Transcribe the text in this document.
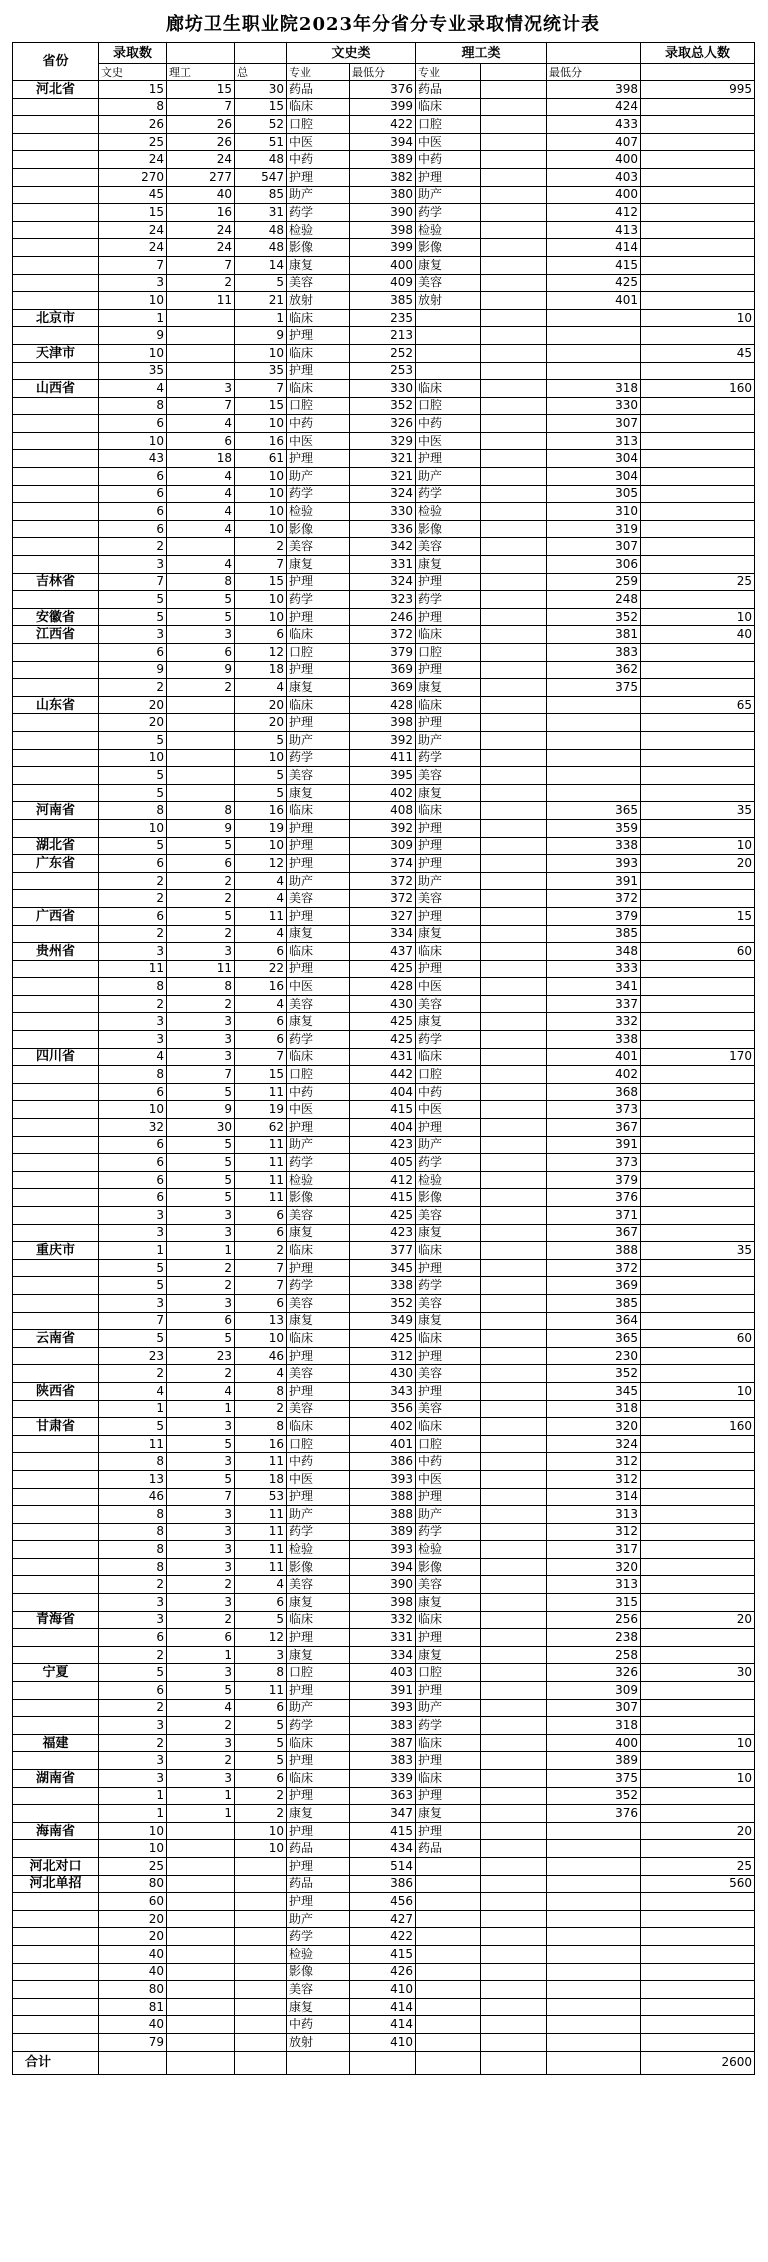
廊坊卫生职业院2023年分省分专业录取情况统计表
省份	录取数			文史类		理工类			录取总人数
	文史	理工	总	专业	最低分	专业		最低分	
河北省	15	15	30	药品	376	药品		398	995
	8	7	15	临床	399	临床		424	
	26	26	52	口腔	422	口腔		433	
	25	26	51	中医	394	中医		407	
	24	24	48	中药	389	中药		400	
	270	277	547	护理	382	护理		403	
	45	40	85	助产	380	助产		400	
	15	16	31	药学	390	药学		412	
	24	24	48	检验	398	检验		413	
	24	24	48	影像	399	影像		414	
	7	7	14	康复	400	康复		415	
	3	2	5	美容	409	美容		425	
	10	11	21	放射	385	放射		401	
北京市	1		1	临床	235				10
	9		9	护理	213				
天津市	10		10	临床	252				45
	35		35	护理	253				
山西省	4	3	7	临床	330	临床		318	160
	8	7	15	口腔	352	口腔		330	
	6	4	10	中药	326	中药		307	
	10	6	16	中医	329	中医		313	
	43	18	61	护理	321	护理		304	
	6	4	10	助产	321	助产		304	
	6	4	10	药学	324	药学		305	
	6	4	10	检验	330	检验		310	
	6	4	10	影像	336	影像		319	
	2		2	美容	342	美容		307	
	3	4	7	康复	331	康复		306	
吉林省	7	8	15	护理	324	护理		259	25
	5	5	10	药学	323	药学		248	
安徽省	5	5	10	护理	246	护理		352	10
江西省	3	3	6	临床	372	临床		381	40
	6	6	12	口腔	379	口腔		383	
	9	9	18	护理	369	护理		362	
	2	2	4	康复	369	康复		375	
山东省	20		20	临床	428	临床			65
	20		20	护理	398	护理			
	5		5	助产	392	助产			
	10		10	药学	411	药学			
	5		5	美容	395	美容			
	5		5	康复	402	康复			
河南省	8	8	16	临床	408	临床		365	35
	10	9	19	护理	392	护理		359	
湖北省	5	5	10	护理	309	护理		338	10
广东省	6	6	12	护理	374	护理		393	20
	2	2	4	助产	372	助产		391	
	2	2	4	美容	372	美容		372	
广西省	6	5	11	护理	327	护理		379	15
	2	2	4	康复	334	康复		385	
贵州省	3	3	6	临床	437	临床		348	60
	11	11	22	护理	425	护理		333	
	8	8	16	中医	428	中医		341	
	2	2	4	美容	430	美容		337	
	3	3	6	康复	425	康复		332	
	3	3	6	药学	425	药学		338	
四川省	4	3	7	临床	431	临床		401	170
	8	7	15	口腔	442	口腔		402	
	6	5	11	中药	404	中药		368	
	10	9	19	中医	415	中医		373	
	32	30	62	护理	404	护理		367	
	6	5	11	助产	423	助产		391	
	6	5	11	药学	405	药学		373	
	6	5	11	检验	412	检验		379	
	6	5	11	影像	415	影像		376	
	3	3	6	美容	425	美容		371	
	3	3	6	康复	423	康复		367	
重庆市	1	1	2	临床	377	临床		388	35
	5	2	7	护理	345	护理		372	
	5	2	7	药学	338	药学		369	
	3	3	6	美容	352	美容		385	
	7	6	13	康复	349	康复		364	
云南省	5	5	10	临床	425	临床		365	60
	23	23	46	护理	312	护理		230	
	2	2	4	美容	430	美容		352	
陕西省	4	4	8	护理	343	护理		345	10
	1	1	2	美容	356	美容		318	
甘肃省	5	3	8	临床	402	临床		320	160
	11	5	16	口腔	401	口腔		324	
	8	3	11	中药	386	中药		312	
	13	5	18	中医	393	中医		312	
	46	7	53	护理	388	护理		314	
	8	3	11	助产	388	助产		313	
	8	3	11	药学	389	药学		312	
	8	3	11	检验	393	检验		317	
	8	3	11	影像	394	影像		320	
	2	2	4	美容	390	美容		313	
	3	3	6	康复	398	康复		315	
青海省	3	2	5	临床	332	临床		256	20
	6	6	12	护理	331	护理		238	
	2	1	3	康复	334	康复		258	
宁夏	5	3	8	口腔	403	口腔		326	30
	6	5	11	护理	391	护理		309	
	2	4	6	助产	393	助产		307	
	3	2	5	药学	383	药学		318	
福建	2	3	5	临床	387	临床		400	10
	3	2	5	护理	383	护理		389	
湖南省	3	3	6	临床	339	临床		375	10
	1	1	2	护理	363	护理		352	
	1	1	2	康复	347	康复		376	
海南省	10		10	护理	415	护理			20
	10		10	药品	434	药品			
河北对口	25			护理	514				25
河北单招	80			药品	386				560
	60			护理	456				
	20			助产	427				
	20			药学	422				
	40			检验	415				
	40			影像	426				
	80			美容	410				
	81			康复	414				
	40			中药	414				
	79			放射	410				
合计									2600
